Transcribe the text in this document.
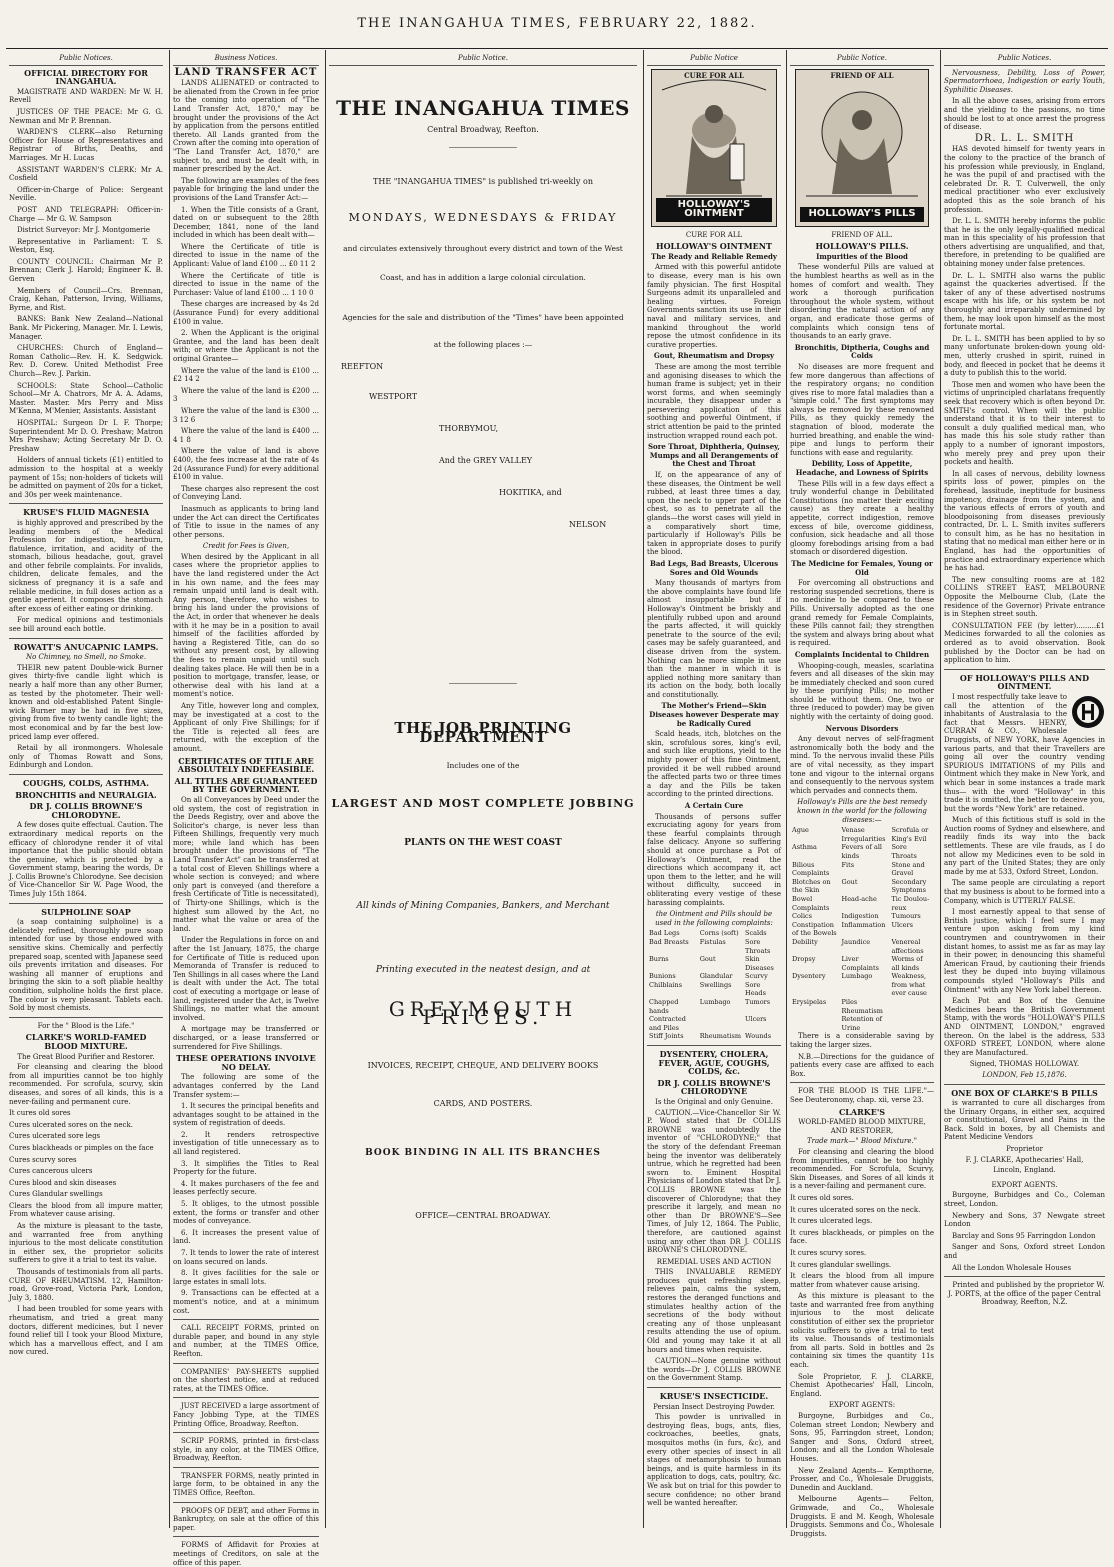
THE INANGAHUA TIMES, FEBRUARY 22, 1882.
Public Notices.
OFFICIAL DIRECTORY FOR INANGAHUA.

MAGISTRATE AND WARDEN: Mr W. H. Revell

JUSTICES OF THE PEACE: Mr G. G. Newman and Mr P. Brennan.

WARDEN'S CLERK—also Returning Officer for House of Representatives and Registrar of Births, Deaths, and Marriages. Mr H. Lucas

ASSISTANT WARDEN'S CLERK: Mr A. Cosfield

Officer-in-Charge of Police: Sergeant Neville.

POST AND TELEGRAPH: Officer-in-Charge — Mr G. W. Sampson

District Surveyor: Mr J. Montgomerie

Representative in Parliament: T. S. Weston, Esq.

COUNTY COUNCIL: Chairman Mr P. Brennan; Clerk J. Harold; Engineer K. B. Gerven

Members of Council—Crs. Brennan, Craig, Kehan, Patterson, Irving, Williams, Byrne, and Rist.

BANKS: Bank New Zealand—National Bank. Mr Pickering, Manager. Mr. I. Lewis, Manager.

CHURCHES: Church of England—Roman Catholic—Rev. H. K. Sedgwick. Rev. D. Corew. United Methodist Free Church—Rev. J. Parkin.

SCHOOLS: State School—Catholic School—Mr A. Chatrors, Mr A. A. Adams, Master. Master. Mrs Perry and Miss M'Kenna, M'Menier, Assistants. Assistant

HOSPITAL: Surgeon Dr I. F. Thorpe; Superintendent Mr D. O. Preshaw; Matron Mrs Preshaw; Acting Secretary Mr D. O. Preshaw

Holders of annual tickets (£1) entitled to admission to the hospital at a weekly payment of 15s; non-holders of tickets will be admitted on payment of 20s for a ticket, and 30s per week maintenance.

KRUSE'S FLUID MAGNESIA

is highly approved and prescribed by the leading members of the Medical Profession for indigestion, heartburn, flatulence, irritation, and acidity of the stomach, bilious headache, gout, gravel and other febrile complaints. For invalids, children, delicate females, and the sickness of pregnancy it is a safe and reliable medicine, in full doses action as a gentle aperient. It composes the stomach after excess of either eating or drinking.

For medical opinions and testimonials see bill around each bottle.

ROWATT'S ANUCAPNIC LAMPS.
No Chimney, no Smell, no Smoke.

THEIR new patent Double-wick Burner gives thirty-five candle light which is nearly a half more than any other Burner, as tested by the photometer. Their well-known and old-established Patent Single-wick Burner may be had in five sizes, giving from five to twenty candle light; the most economical and by far the best low-priced lamp ever offered.

Retail by all ironmongers. Wholesale only of Thomas Rowatt and Sons, Edinburgh and London.

COUGHS, COLDS, ASTHMA.
BRONCHITIS and NEURALGIA.
DR J. COLLIS BROWNE'S CHLORODYNE.

A few doses quite effectual. Caution. The extraordinary medical reports on the efficacy of chlorodyne render it of vital importance that the public should obtain the genuine, which is protected by a Government stamp, bearing the words, Dr J. Collis Browne's Chlorodyne. See decision of Vice-Chancellor Sir W. Page Wood, the Times July 15th 1864.

SULPHOLINE SOAP

(a soap containing sulpholine) is a delicately refined, thoroughly pure soap intended for use by those endowed with sensitive skins. Chemically and perfectly prepared soap, scented with Japanese seed oils prevents irritation and diseases. For washing all manner of eruptions and bringing the skin to a soft pliable healthy condition, sulpholine holds the first place. The colour is very pleasant. Tablets each. Sold by most chemists.

For the " Blood is the Life."
CLARKE'S WORLD-FAMED BLOOD MIXTURE.
The Great Blood Purifier and Restorer.

For cleansing and clearing the blood from all impurities cannot be too highly recommended. For scrofula, scurvy, skin diseases, and sores of all kinds, this is a never-failing and permanent cure.

It cures old sores

Cures ulcerated sores on the neck.

Cures ulcerated sore legs

Cures blackheads or pimples on the face

Cures scurvy sores

Cures cancerous ulcers

Cures blood and skin diseases

Cures Glandular swellings

Clears the blood from all impure matter, From whatever cause arising.

As the mixture is pleasant to the taste, and warranted free from anything injurious to the most delicate constitution in either sex, the proprietor solicits sufferers to give it a trial to test its value.

Thousands of testimonials from all parts. CURE OF RHEUMATISM. 12, Hamilton-road, Grove-road, Victoria Park, London, July 3, 1880.

I had been troubled for some years with rheumatism, and tried a great many doctors, different medicines, but I never found relief till I took your Blood Mixture, which has a marvellous effect, and I am now cured.

Business Notices.
LAND TRANSFER ACT

LANDS ALIENATED or contracted to be alienated from the Crown in fee prior to the coming into operation of "The Land Transfer Act, 1870," may be brought under the provisions of the Act by application from the persons entitled thereto. All Lands granted from the Crown after the coming into operation of "The Land Transfer Act, 1870," are subject to, and must be dealt with, in manner prescribed by the Act.

The following are examples of the fees payable for bringing the land under the provisions of the Land Transfer Act:—

1. When the Title consists of a Grant, dated on or subsequent to the 28th December, 1841, none of the land included in which has been dealt with—

Where the Certificate of title is directed to issue in the name of the Applicant: Value of land £100 ... £0 11 2

Where the Certificate of title is directed to issue in the name of the Purchaser: Value of land £100 ... 1 10 0

These charges are increased by 4s 2d (Assurance Fund) for every additional £100 in value.

2. When the Applicant is the original Grantee, and the land has been dealt with; or where the Applicant is not the original Grantee—

Where the value of the land is £100 ... £2 14 2

Where the value of the land is £200 ... 3

Where the value of the land is £300 ... 3 12 6

Where the value of the land is £400 ... 4 1 8

Where the value of land is above £400, the fees increase at the rate of 4s 2d (Assurance Fund) for every additional £100 in value.

These charges also represent the cost of Conveying Land.

Inasmuch as applicants to bring land under the Act can direct the Certificates of Title to issue in the names of any other persons.

Credit for Fees is Given,

When desired by the Applicant in all cases where the proprietor applies to have the land registered under the Act in his own name, and the fees may remain unpaid until land is dealt with. Any person, therefore, who wishes to bring his land under the provisions of the Act, in order that whenever he deals with it he may be in a position to avail himself of the facilities afforded by having a Registered Title, can do so without any present cost, by allowing the fees to remain unpaid until such dealing takes place. He will then be in a position to mortgage, transfer, lease, or otherwise deal with his land at a moment's notice.

Any Title, however long and complex, may be investigated at a cost to the Applicant of only Five Shillings; for if the Title is rejected all fees are returned, with the exception of the amount.

CERTIFICATES OF TITLE ARE ABSOLUTELY INDEFEASIBLE.
ALL TITLES ARE GUARANTEED BY THE GOVERNMENT.

On all Conveyances by Deed under the old system, the cost of registration in the Deeds Registry, over and above the Solicitor's charge, is never less than Fifteen Shillings, frequently very much more; while land which has been brought under the provisions of "The Land Transfer Act" can be transferred at a total cost of Eleven Shillings where a whole section is conveyed; and where only part is conveyed (and therefore a fresh Certificate of Title is necessitated), of Thirty-one Shillings, which is the highest sum allowed by the Act, no matter what the value or area of the land.

Under the Regulations in force on and after the 1st January, 1875, the charge for Certificate of Title is reduced upon Memoranda of Transfer is reduced to Ten Shillings in all cases where the Land is dealt with under the Act. The total cost of executing a mortgage or lease of land, registered under the Act, is Twelve Shillings, no matter what the amount involved.

A mortgage may be transferred or discharged, or a lease transferred or surrendered for Five Shillings.

THESE OPERATIONS INVOLVE NO DELAY.

The following are some of the advantages conferred by the Land Transfer system:—

1. It secures the principal benefits and advantages sought to be attained in the system of registration of deeds.

2. It renders retrospective investigation of title unnecessary as to all land registered.

3. It simplifies the Titles to Real Property for the future.

4. It makes purchasers of the fee and leases perfectly secure.

5. It obliges, to the utmost possible extent, the forms or transfer and other modes of conveyance.

6. It increases the present value of land.

7. It tends to lower the rate of interest on loans secured on lands.

8. It gives facilities for the sale or large estates in small lots.

9. Transactions can be effected at a moment's notice, and at a minimum cost.

CALL RECEIPT FORMS, printed on durable paper, and bound in any style and number, at the TIMES Office, Reefton.

COMPANIES' PAY-SHEETS supplied on the shortest notice, and at reduced rates, at the TIMES Office.

JUST RECEIVED a large assortment of Fancy Jobbing Type, at the TIMES Printing Office, Broadway, Reefton.

SCRIP FORMS, printed in first-class style, in any color, at the TIMES Office, Broadway, Reefton.

TRANSFER FORMS, neatly printed in large form, to be obtained in any the TIMES Office, Reefton.

PROOFS OF DEBT, and other Forms in Bankruptcy, on sale at the office of this paper.

FORMS of Affidavit for Proxies at meetings of Creditors, on sale at the office of this paper.

Public Notice.
THE INANGAHUA TIMES
Central Broadway, Reefton.
THE "INANGAHUA TIMES" is published tri-weekly on
MONDAYS, WEDNESDAYS & FRIDAY
and circulates extensively throughout every district and town of the West
Coast, and has in addition a large colonial circulation.
Agencies for the sale and distribution of the "Times" have been appointed
at the following places :—
REEFTON
WESTPORT
THORBYMOU,
And the GREY VALLEY
HOKITIKA, and
NELSON
THE JOB PRINTING DEPARTMENT
Includes one of the
LARGEST AND MOST COMPLETE JOBBING
PLANTS ON THE WEST COAST
All kinds of Mining Companies, Bankers, and Merchant
Printing executed in the neatest design, and at
GREYMOUTH PRICES.
INVOICES, RECEIPT, CHEQUE, AND DELIVERY BOOKS
CARDS, AND POSTERS.
BOOK BINDING IN ALL ITS BRANCHES
OFFICE—CENTRAL BROADWAY.
Public Notice
CURE FOR ALL
HOLLOWAY'S OINTMENT
CURE FOR ALL
HOLLOWAY'S OINTMENT
The Ready and Reliable Remedy

Armed with this powerful antidote to disease, every man is his own family physician. The first Hospital Surgeons admit its unparalleled and healing virtues. Foreign Governments sanction its use in their naval and military services, and mankind throughout the world repose the utmost confidence in its curative properties.

Gout, Rheumatism and Dropsy

These are among the most terrible and agonising diseases to which the human frame is subject; yet in their worst forms, and when seemingly incurable, they disappear under a persevering application of this soothing and powerful Ointment, if strict attention be paid to the printed instruction wrapped round each pot.

Sore Throat, Diphtheria, Quinsey, Mumps and all Derangements of the Chest and Throat

If, on the appearance of any of these diseases, the Ointment be well rubbed, at least three times a day, upon the neck to upper part of the chest, so as to penetrate all the glands—the worst cases will yield in a comparatively short time, particularly if Holloway's Pills be taken in appropriate doses to purify the blood.

Bad Legs, Bad Breasts, Ulcerous Sores and Old Wounds

Many thousands of martyrs from the above complaints have found life almost insupportable but if Holloway's Ointment be briskly and plentifully rubbed upon and around the parts affected, it will quickly penetrate to the source of the evil; cases may be safely guaranteed, and disease driven from the system. Nothing can be more simple in use than the manner in which it is applied nothing more sanitary than its action on the body, both locally and constitutionally.

The Mother's Friend—Skin Diseases however Desperate may be Radically Cured

Scald heads, itch, blotches on the skin, scrofulous sores, king's evil, and such like eruptions, yield to the mighty power of this fine Ointment, provided it be well rubbed around the affected parts two or three times a day and the Pills be taken according to the printed directions.

A Certain Cure

Thousands of persons suffer excruciating agony for years from these fearful complaints through false delicacy. Anyone so suffering should at once purchase a Pot of Holloway's Ointment, read the directions which accompany it, act upon them to the letter, and he will without difficulty, succeed in obliterating every vestige of these harassing complaints.

the Ointment and Pills should be used in the following complaints:
Bad Legs	Corns (soft)	Scalds
Bad Breasts	Fistulas	Sore Throats
Burns	Gout	Skin Diseases
Bunions	Glandular	Scurvy
Chilblains	Swellings	Sore Heads
Chapped hands	Lumbago	Tumors
Contracted and Piles		Ulcers
Stiff Joints	Rheumatism	Wounds
DYSENTERY, CHOLERA, FEVER, AGUE, COUGHS, COLDS, &c.
DR J. COLLIS BROWNE'S CHLORODYNE
Is the Original and only Genuine.

CAUTION.—Vice-Chancellor Sir W. P. Wood stated that Dr COLLIS BROWNE was undoubtedly the inventor of "CHLORODYNE;" that the story of the defendant Freeman being the inventor was deliberately untrue, which he regretted had been sworn to. Eminent Hospital Physicians of London stated that Dr J. COLLIS BROWNE was the discoverer of Chlorodyne; that they prescribe it largely, and mean no other than Dr BROWNE'S—See Times, of July 12, 1864. The Public, therefore, are cautioned against using any other than DR J. COLLIS BROWNE'S CHLORODYNE.

REMEDIAL USES AND ACTION

THIS INVALUABLE REMEDY produces quiet refreshing sleep, relieves pain, calms the system, restores the deranged functions and stimulates healthy action of the secretions of the body without creating any of those unpleasant results attending the use of opium. Old and young may take it at all hours and times when requisite.

CAUTION—None genuine without the words—Dr J. COLLIS BROWNE on the Government Stamp.

KRUSE'S INSECTICIDE.
Persian Insect Destroying Powder.

This powder is unrivalled in destroying fleas, bugs, ants, flies, cockroaches, beetles, gnats, mosquitos moths (in furs, &c), and every other species of insect in all stages of metamorphosis to human beings, and is quite harmless in its application to dogs, cats, poultry, &c. We ask but on trial for this powder to secure confidence; no other brand well be wanted hereafter.

Public Notice.
FRIEND OF ALL
HOLLOWAY'S PILLS
FRIEND OF ALL.
HOLLOWAY'S PILLS.
Impurities of the Blood

These wonderful Pills are valued at the humblest hearths as well as in the homes of comfort and wealth. They work a thorough purification throughout the whole system, without disordering the natural action of any organ, and eradicate those germs of complaints which consign tens of thousands to an early grave.

Bronchitis, Diptheria, Coughs and Colds

No diseases are more frequent and few more dangerous than affections of the respiratory organs; no condition gives rise to more fatal maladies than a "simple cold." The first symptoms may always be removed by these renowned Pills, as they quickly remedy the stagnation of blood, moderate the hurried breathing, and enable the wind-pipe and lungs to perform their functions with ease and regularity.

Debility, Loss of Appetite, Headache, and Lowness of Spirits

These Pills will in a few days effect a truly wonderful change in Debilitated Constitutions (no matter their exciting cause) as they create a healthy appetite, correct indigestion, remove excess of bile, overcome giddiness, confusion, sick headache and all those gloomy forebodings arising from a bad stomach or disordered digestion.

The Medicine for Females, Young or Old

For overcoming all obstructions and restoring suspended secretions, there is no medicine to be compared to these Pills. Universally adopted as the one grand remedy for Female Complaints, these Pills cannot fail; they strengthen the system and always bring about what is required.

Complaints Incidental to Children

Whooping-cough, measles, scarlatina fevers and all diseases of the skin may be immediately checked and soon cured by these purifying Pills; no mother should be without them. One, two or three (reduced to powder) may be given nightly with the certainty of doing good.

Nervous Disorders

Any devout nerves of self-fragment astronomically both the body and the mind. To the nervous invalid these Pills are of vital necessity, as they impart tone and vigour to the internal organs and consequently to the nervous system which pervades and connects them.

Holloway's Pills are the best remedy known in the world for the following diseases:—
Ague	Venase Irregularities	Scrofula or King's Evil
Asthma	Fevers of all kinds	Sore Throats
Bilious Complaints	Fits	Stone and Gravel
Blotches on the Skin	Gout	Secondary Symptoms
Bowel Complaints	Head-ache	Tic Doulou-reux
Colics	Indigestion	Tumours
Constipation of the Bowels	Inflammation	Ulcers
Debility	Jaundice	Venereal affections
Dropsy	Liver Complaints	Worms of all kinds
Dysentery	Lumbago	Weakness, from what ever cause
Erysipelas	Piles	
	Rheumatism	
	Retention of Urine	

There is a considerable saving by taking the larger sizes.

N.B.—Directions for the guidance of patients every case are affixed to each Box.

FOR THE BLOOD IS THE LIFE."—See Deuteronomy, chap. xii, verse 23.

CLARKE'S
WORLD-FAMED BLOOD MIXTURE, AND RESTORER,
Trade mark—" Blood Mixture."

For cleansing and clearing the blood from impurities, cannot be too highly recommended. For Scrofula, Scurvy, Skin Diseases, and Sores of all kinds it is a never-failing and permanent cure.

It cures old sores.

It cures ulcerated sores on the neck.

It cures ulcerated legs.

It cures blackheads, or pimples on the face.

It cures scurvy sores.

It cures glandular swellings.

It clears the blood from all impure matter from whatever cause arising.

As this mixture is pleasant to the taste and warranted free from anything injurious to the most delicate constitution of either sex the proprietor solicits sufferers to give a trial to test its value. Thousands of testimonials from all parts. Sold in bottles and 2s containing six times the quantity 11s each.

Sole Proprietor, F. J. CLARKE, Chemist Apothecaries' Hall, Lincoln, England.

EXPORT AGENTS:

Burgoyne, Burbidges and Co., Coleman street London; Newbery and Sons, 95, Farringdon street, London; Sanger and Sons, Oxford street, London; and all the London Wholesale Houses.

New Zealand Agents— Kempthorne, Prosser, and Co., Wholesale Druggists, Dunedin and Auckland.

Melbourne Agents— Felton, Grimwade, and Co., Wholesale Druggists. E and M. Keogh, Wholesale Druggists. Semmons and Co., Wholesale Druggists.

Public Notices.

Nervousness, Debility, Loss of Power, Spermatorrhoea, Indigestion or early Youth, Syphilitic Diseases.

In all the above cases, arising from errors and the yielding to the passions, no time should be lost to at once arrest the progress of disease.

DR. L. L. SMITH

HAS devoted himself for twenty years in the colony to the practice of the branch of his profession while previously, in England, he was the pupil of and practised with the celebrated Dr. R. T. Culverwell, the only medical practitioner who ever exclusively adopted this as the sole branch of his profession.

Dr. L. L. SMITH hereby informs the public that he is the only legally-qualified medical man in this speciality of his profession that others advertising are unqualified, and that, therefore, in pretending to be qualified are obtaining money under false pretences.

Dr. L. L. SMITH also warns the public against the quackeries advertised. If the taker of any of these advertised nostrums escape with his life, or his system be not thoroughly and irreparably undermined by them, he may look upon himself as the most fortunate mortal.

Dr. L. L. SMITH has been applied to by so many unfortunate broken-down young old-men, utterly crushed in spirit, ruined in body, and fleeced in pocket that he deems it a duty to publish this to the world.

Those men and women who have been the victims of unprincipled charlatans frequently seek that recovery which is often beyond Dr. SMITH's control. When will the public understand that it is to their interest to consult a duly qualified medical man, who has made this his sole study rather than apply to a number of ignorant impostors, who merely prey and prey upon their pockets and health.

In all cases of nervous, debility lowness spirits loss of power, pimples on the forehead, lassitude, ineptitude for business impotency, drainage from the system, and the various effects of errors of youth and bloodpoisoning from diseases previously contracted, Dr. L. L. Smith invites sufferers to consult him, as he has no hesitation in stating that no medical man either here or in England, has had the opportunities of practice and extraordinary experience which he has had.

The new consulting rooms are at 182 COLLINS STREET EAST, MELBOURNE Opposite the Melbourne Club, (Late the residence of the Governor) Private entrance is in Stephen street south.

CONSULTATION FEE (by letter).........£1 Medicines forwarded to all the colonies as ordered as to avoid observation. Book published by the Doctor can be had on application to him.

OF HOLLOWAY'S PILLS AND OINTMENT.

I most respectfully take leave to call the attention of the inhabitants of Australasia to the fact that Messrs. HENRY, CURRAN & CO., Wholesale Druggists, of NEW YORK, have Agencies in various parts, and that their Travellers are going all over the country vending SPURIOUS IMITATIONS of my Pills and Ointment which they make in New York, and which bear in some instances a trade mark thus— with the word "Holloway" in this trade it is omitted, the better to deceive you, but the words "New York" are retained.

Much of this fictitious stuff is sold in the Auction rooms of Sydney and elsewhere, and readily finds its way into the back settlements. These are vile frauds, as I do not allow my Medicines even to be sold in any part of the United States; they are only made by me at 533, Oxford Street, London.

The same people are circulating a report that my business is about to be formed into a Company, which is UTTERLY FALSE.

I most earnestly appeal to that sense of British justice, which I feel sure I may venture upon asking from my kind countrymen and countrywomen in their distant homes, to assist me as far as may lay in their power, in denouncing this shameful American Fraud, by cautioning their friends lest they be duped into buying villainous compounds styled "Holloway's Pills and Ointment" with any New York label thereon.

Each Pot and Box of the Genuine Medicines bears the British Government Stamp, with the words "HOLLOWAY'S PILLS AND OINTMENT, LONDON," engraved thereon. On the label is the address, 533 OXFORD STREET, LONDON, where alone they are Manufactured.

Signed, THOMAS HOLLOWAY.
LONDON, Feb 15,1876.
ONE BOX OF CLARKE'S B PILLS

is warranted to cure all discharges from the Urinary Organs, in either sex, acquired or constitutional, Gravel and Pains in the Back. Sold in boxes, by all Chemists and Patent Medicine Vendors

Proprietor
F. J. CLARKE, Apothecaries' Hall,
Lincoln, England.
EXPORT AGENTS.

Burgoyne, Burbidges and Co., Coleman street, London.

Newbery and Sons, 37 Newgate street London

Barclay and Sons 95 Farringdon London

Sanger and Sons, Oxford street London and

All the London Wholesale Houses

Printed and published by the proprietor W. J. PORTS, at the office of the paper Central Broadway, Reefton, N.Z.
